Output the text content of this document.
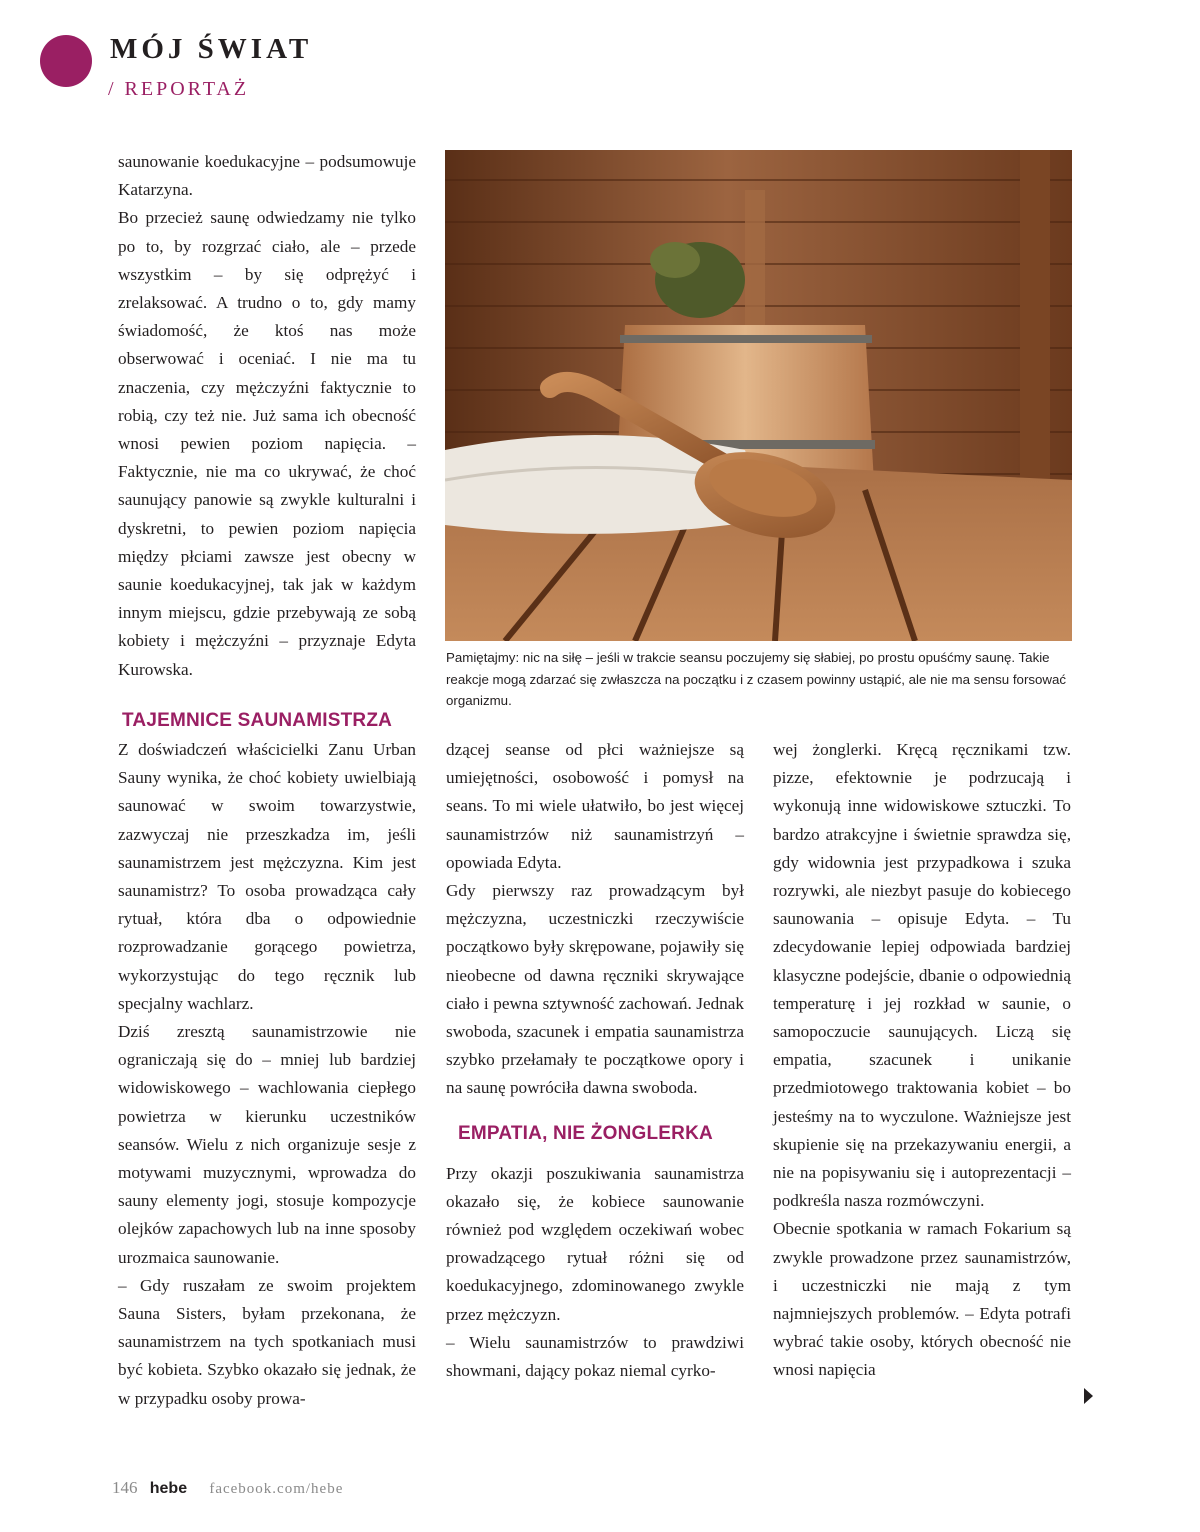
MÓJ ŚWIAT
/ REPORTAŻ

saunowanie koedukacyjne – podsumowuje Katarzyna.

Bo przecież saunę odwiedzamy nie tylko po to, by rozgrzać ciało, ale – przede wszystkim – by się odprężyć i zrelaksować. A trudno o to, gdy mamy świadomość, że ktoś nas może obserwować i oceniać. I nie ma tu znaczenia, czy mężczyźni faktycznie to robią, czy też nie. Już sama ich obecność wnosi pewien poziom napięcia. – Faktycznie, nie ma co ukrywać, że choć saunujący panowie są zwykle kulturalni i dyskretni, to pewien poziom napięcia między płciami zawsze jest obecny w saunie koedukacyjnej, tak jak w każdym innym miejscu, gdzie przebywają ze sobą kobiety i mężczyźni – przyznaje Edyta Kurowska.

TAJEMNICE SAUNAMISTRZA

Z doświadczeń właścicielki Zanu Urban Sauny wynika, że choć kobiety uwielbiają saunować w swoim towarzystwie, zazwyczaj nie przeszkadza im, jeśli saunamistrzem jest mężczyzna. Kim jest saunamistrz? To osoba prowadząca cały rytuał, która dba o odpowiednie rozprowadzanie gorącego powietrza, wykorzystując do tego ręcznik lub specjalny wachlarz.

Dziś zresztą saunamistrzowie nie ograniczają się do – mniej lub bardziej widowiskowego – wachlowania ciepłego powietrza w kierunku uczestników seansów. Wielu z nich organizuje sesje z motywami muzycznymi, wprowadza do sauny elementy jogi, stosuje kompozycje olejków zapachowych lub na inne sposoby urozmaica saunowanie.

– Gdy ruszałam ze swoim projektem Sauna Sisters, byłam przekonana, że saunamistrzem na tych spotkaniach musi być kobieta. Szybko okazało się jednak, że w przypadku osoby prowa-

Pamiętajmy: nic na siłę – jeśli w trakcie seansu poczujemy się słabiej, po prostu opuśćmy saunę. Takie reakcje mogą zdarzać się zwłaszcza na początku i z czasem powinny ustąpić, ale nie ma sensu forsować organizmu.

dzącej seanse od płci ważniejsze są umiejętności, osobowość i pomysł na seans. To mi wiele ułatwiło, bo jest więcej saunamistrzów niż saunamistrzyń – opowiada Edyta.

Gdy pierwszy raz prowadzącym był mężczyzna, uczestniczki rzeczywiście początkowo były skrępowane, pojawiły się nieobecne od dawna ręczniki skrywające ciało i pewna sztywność zachowań. Jednak swoboda, szacunek i empatia saunamistrza szybko przełamały te początkowe opory i na saunę powróciła dawna swoboda.

EMPATIA, NIE ŻONGLERKA

Przy okazji poszukiwania saunamistrza okazało się, że kobiece saunowanie również pod względem oczekiwań wobec prowadzącego rytuał różni się od koedukacyjnego, zdominowanego zwykle przez mężczyzn.

– Wielu saunamistrzów to prawdziwi showmani, dający pokaz niemal cyrko-

wej żonglerki. Kręcą ręcznikami tzw. pizze, efektownie je podrzucają i wykonują inne widowiskowe sztuczki. To bardzo atrakcyjne i świetnie sprawdza się, gdy widownia jest przypadkowa i szuka rozrywki, ale niezbyt pasuje do kobiecego saunowania – opisuje Edyta. – Tu zdecydowanie lepiej odpowiada bardziej klasyczne podejście, dbanie o odpowiednią temperaturę i jej rozkład w saunie, o samopoczucie saunujących. Liczą się empatia, szacunek i unikanie przedmiotowego traktowania kobiet – bo jesteśmy na to wyczulone. Ważniejsze jest skupienie się na przekazywaniu energii, a nie na popisywaniu się i autoprezentacji – podkreśla nasza rozmówczyni.

Obecnie spotkania w ramach Fokarium są zwykle prowadzone przez saunamistrzów, i uczestniczki nie mają z tym najmniejszych problemów. – Edyta potrafi wybrać takie osoby, których obecność nie wnosi napięcia

146 hebe facebook.com/hebe
